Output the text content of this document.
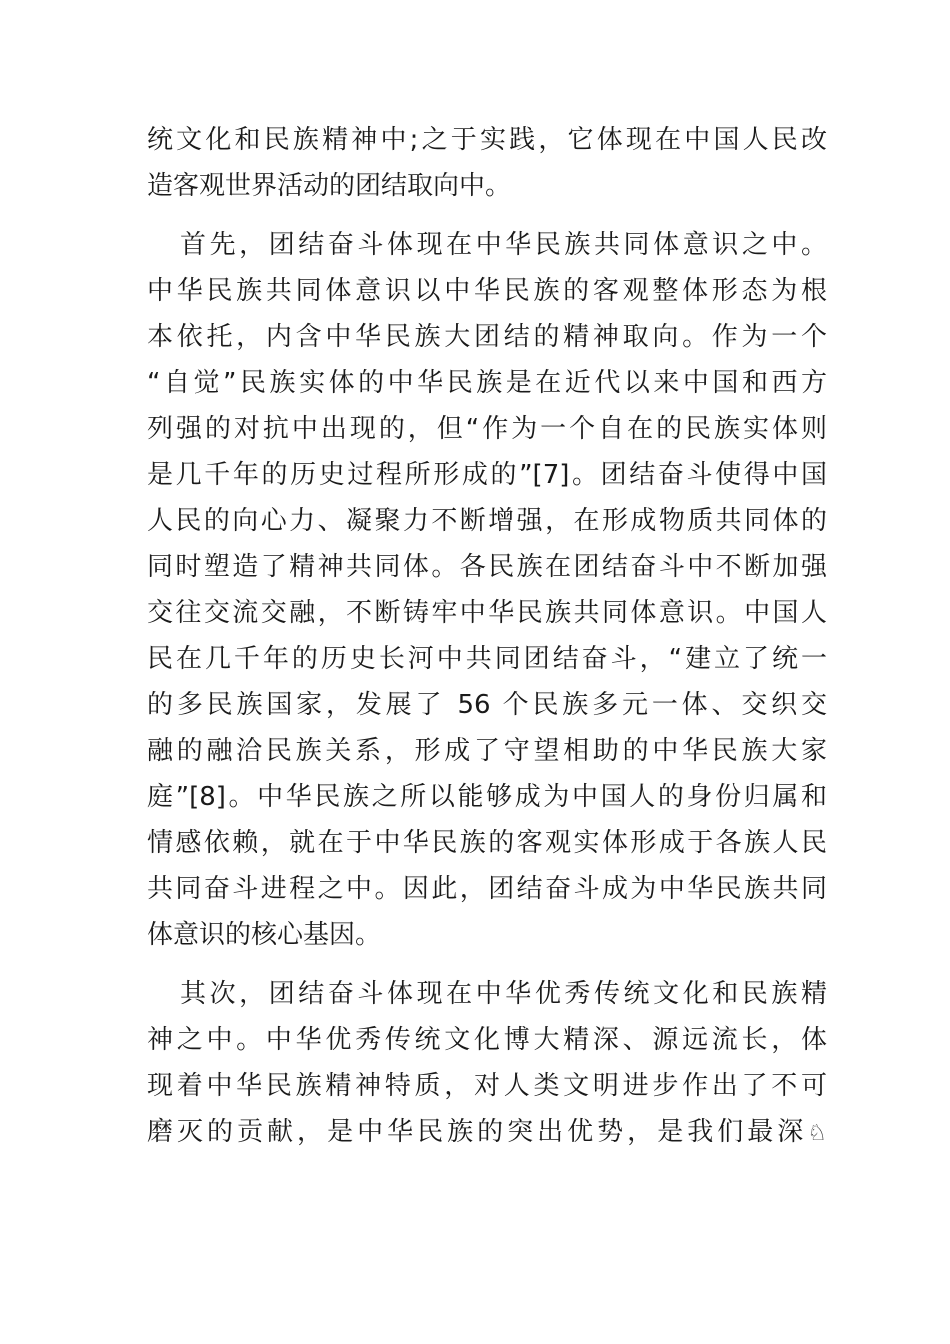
统文化和民族精神中;之于实践，它体现在中国人民改
造客观世界活动的团结取向中。
首先，团结奋斗体现在中华民族共同体意识之中。
中华民族共同体意识以中华民族的客观整体形态为根
本依托，内含中华民族大团结的精神取向。作为一个
“自觉”民族实体的中华民族是在近代以来中国和西方
列强的对抗中出现的，但“作为一个自在的民族实体则
是几千年的历史过程所形成的”[7]。团结奋斗使得中国
人民的向心力、凝聚力不断增强，在形成物质共同体的
同时塑造了精神共同体。各民族在团结奋斗中不断加强
交往交流交融，不断铸牢中华民族共同体意识。中国人
民在几千年的历史长河中共同团结奋斗，“建立了统一
的多民族国家，发展了 56 个民族多元一体、交织交
融的融洽民族关系，形成了守望相助的中华民族大家
庭”[8]。中华民族之所以能够成为中国人的身份归属和
情感依赖，就在于中华民族的客观实体形成于各族人民
共同奋斗进程之中。因此，团结奋斗成为中华民族共同
体意识的核心基因。
其次，团结奋斗体现在中华优秀传统文化和民族精
神之中。中华优秀传统文化博大精深、源远流长，体
现着中华民族精神特质，对人类文明进步作出了不可
磨灭的贡献，是中华民族的突出优势，是我们最深♘
